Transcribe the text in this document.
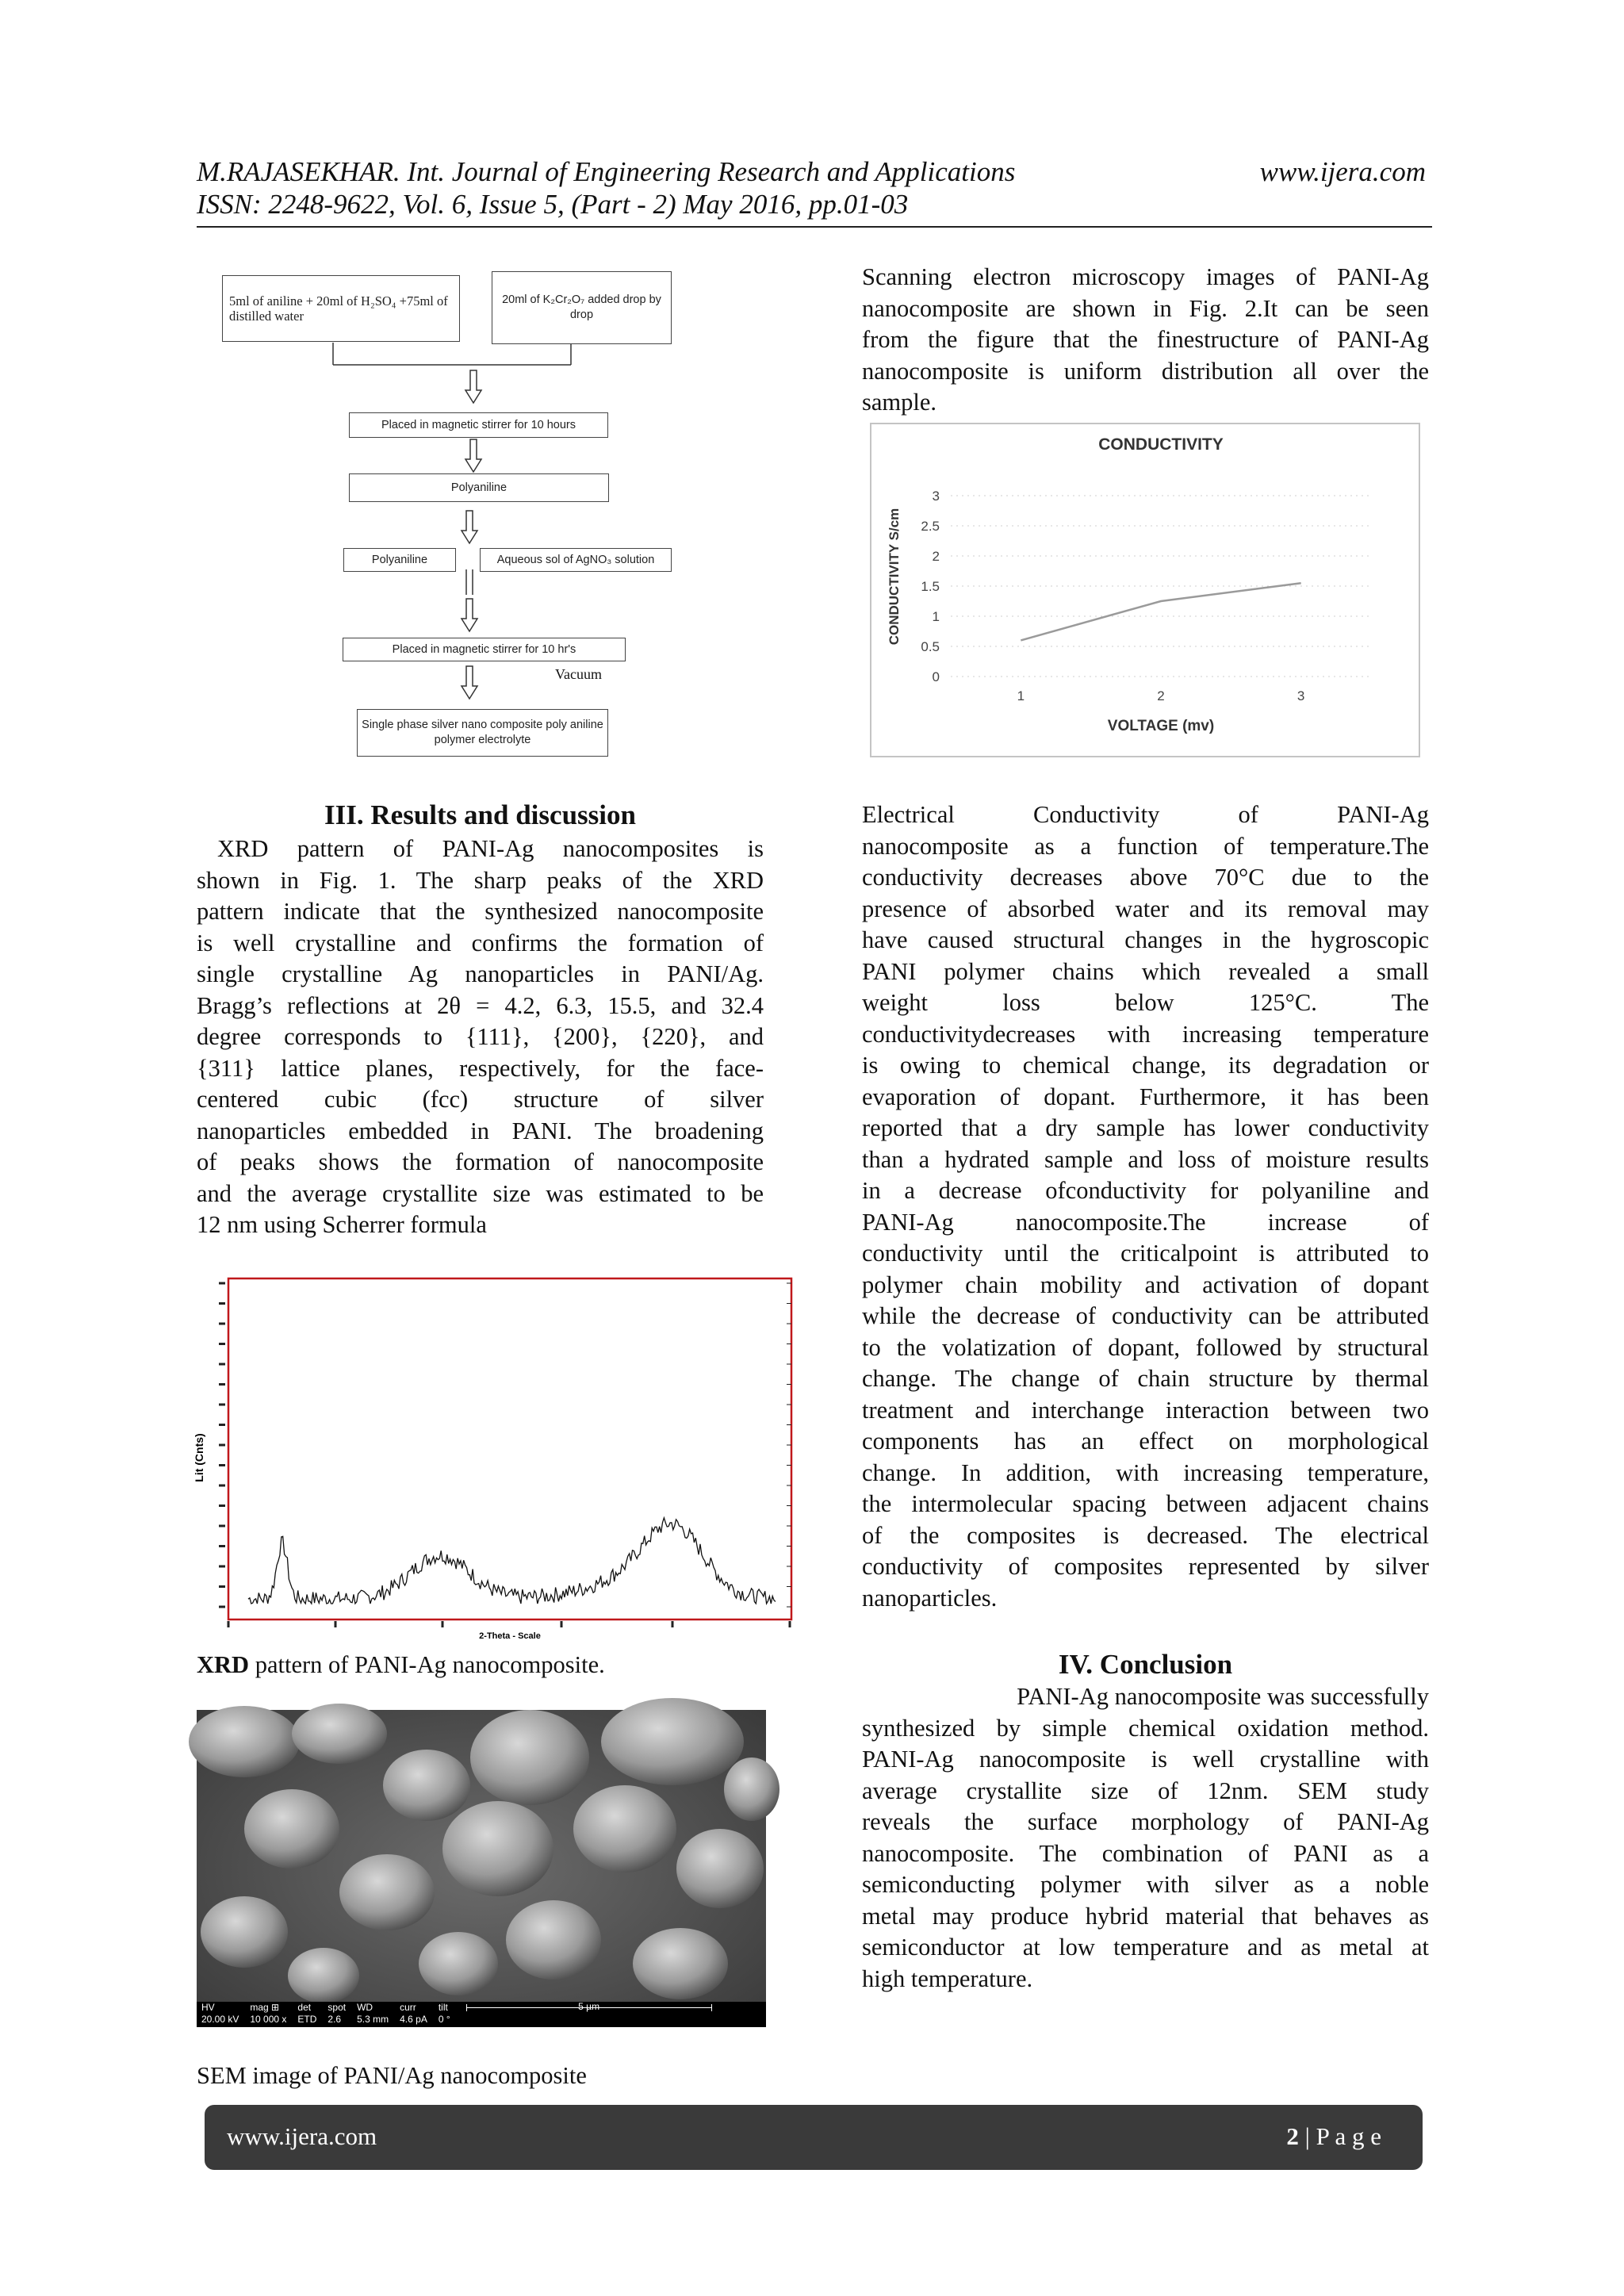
M.RAJASEKHAR. Int. Journal of Engineering Research and Applications	www.ijera.com
ISSN: 2248-9622, Vol. 6, Issue 5, (Part - 2) May 2016, pp.01-03
5ml of aniline + 20ml of H₂SO₄ +75ml of distilled water
20ml of K₂Cr₂O₇ added drop by drop
Placed in magnetic stirrer for 10 hours
Polyaniline
Polyaniline	Aqueous sol of AgNO₃ solution
Placed in magnetic stirrer for 10 hr's
Vacuum
Single phase silver nano composite poly aniline polymer electrolyte
Scanning electron microscopy images of PANI-Ag
nanocomposite are shown in Fig. 2.It can be seen
from the figure that the finestructure of PANI-Ag
nanocomposite is uniform distribution all over the
sample.
0
0.5
1
1.5
2
2.5
3
1	2	3
CONDUCTIVITY
VOLTAGE (mv)
CONDUCTIVITY S/cm
III. Results and discussion
XRD pattern of PANI-Ag nanocomposites is
shown in Fig. 1. The sharp peaks of the XRD
pattern indicate that the synthesized nanocomposite
is well crystalline and confirms the formation of
single crystalline Ag nanoparticles in PANI/Ag.
Bragg’s reflections at 2θ = 4.2, 6.3, 15.5, and 32.4
degree corresponds to {111}, {200}, {220}, and
{311} lattice planes, respectively, for the face-
centered cubic (fcc) structure of silver
nanoparticles embedded in PANI. The broadening
of peaks shows the formation of nanocomposite
and the average crystallite size was estimated to be
12 nm using Scherrer formula
Electrical Conductivity of PANI-Ag
nanocomposite as a function of temperature.The
conductivity decreases above 70°C due to the
presence of absorbed water and its removal may
have caused structural changes in the hygroscopic
PANI polymer chains which revealed a small
weight loss below 125°C. The
conductivitydecreases with increasing temperature
is owing to chemical change, its degradation or
evaporation of dopant. Furthermore, it has been
reported that a dry sample has lower conductivity
than a hydrated sample and loss of moisture results
in a decrease ofconductivity for polyaniline and
PANI-Ag nanocomposite.The increase of
conductivity until the criticalpoint is attributed to
polymer chain mobility and activation of dopant
while the decrease of conductivity can be attributed
to the volatization of dopant, followed by structural
change. The change of chain structure by thermal
treatment and interchange interaction between two
components has an effect on morphological
change. In addition, with increasing temperature,
the intermolecular spacing between adjacent chains
of the composites is decreased. The electrical
conductivity of composites represented by silver
nanoparticles.
Lit (Cnts)
2-Theta - Scale
XRD pattern of PANI-Ag nanocomposite.
HV
20.00 kV
mag ⊞
10 000 x
det
ETD
spot
2.6
WD
5.3 mm
curr
4.6 pA
tilt
0 °
5 µm
SEM image of PANI/Ag nanocomposite
IV. Conclusion
PANI-Ag nanocomposite was successfully
synthesized by simple chemical oxidation method.
PANI-Ag nanocomposite is well crystalline with
average crystallite size of 12nm. SEM study
reveals the surface morphology of PANI-Ag
nanocomposite. The combination of PANI as a
semiconducting polymer with silver as a noble
metal may produce hybrid material that behaves as
semiconductor at low temperature and as metal at
high temperature.
www.ijera.com	2 | P a g e
